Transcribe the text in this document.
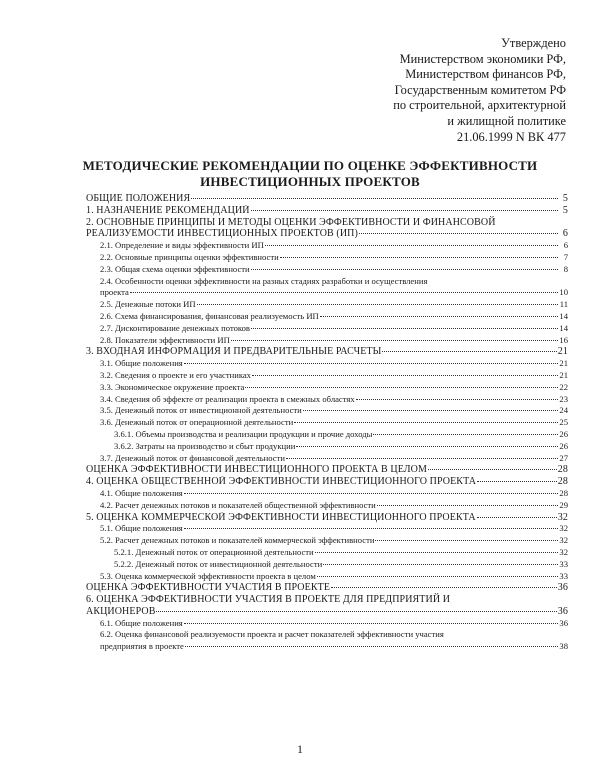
Утверждено
Министерством экономики РФ,
Министерством финансов РФ,
Государственным комитетом РФ
по строительной, архитектурной
и жилищной политике
21.06.1999 N ВК 477
МЕТОДИЧЕСКИЕ РЕКОМЕНДАЦИИ ПО ОЦЕНКЕ ЭФФЕКТИВНОСТИ
ИНВЕСТИЦИОННЫХ ПРОЕКТОВ
ОБЩИЕ ПОЛОЖЕНИЯ	5
1. НАЗНАЧЕНИЕ РЕКОМЕНДАЦИЙ	5
2. ОСНОВНЫЕ ПРИНЦИПЫ И МЕТОДЫ ОЦЕНКИ ЭФФЕКТИВНОСТИ И ФИНАНСОВОЙ
РЕАЛИЗУЕМОСТИ ИНВЕСТИЦИОННЫХ ПРОЕКТОВ (ИП)	6
2.1. Определение и виды эффективности ИП	6
2.2. Основные принципы оценки эффективности	7
2.3. Общая схема оценки эффективности	8
2.4. Особенности оценки эффективности на разных стадиях разработки и осуществления
проекта	10
2.5. Денежные потоки ИП	11
2.6. Схема финансирования, финансовая реализуемость ИП	14
2.7. Дисконтирование денежных потоков	14
2.8. Показатели эффективности ИП	16
3. ВХОДНАЯ ИНФОРМАЦИЯ И ПРЕДВАРИТЕЛЬНЫЕ РАСЧЕТЫ	21
3.1. Общие положения	21
3.2. Сведения о проекте и его участниках	21
3.3. Экономическое окружение проекта	22
3.4. Сведения об эффекте от реализации проекта в смежных областях	23
3.5. Денежный поток от инвестиционной деятельности	24
3.6. Денежный поток от операционной деятельности	25
3.6.1. Объемы производства и реализации продукции и прочие доходы	26
3.6.2. Затраты на производство и сбыт продукции	26
3.7. Денежный поток от финансовой деятельности	27
ОЦЕНКА ЭФФЕКТИВНОСТИ ИНВЕСТИЦИОННОГО ПРОЕКТА В ЦЕЛОМ	28
4. ОЦЕНКА ОБЩЕСТВЕННОЙ ЭФФЕКТИВНОСТИ ИНВЕСТИЦИОННОГО ПРОЕКТА	28
4.1. Общие положения	28
4.2. Расчет денежных потоков и показателей общественной эффективности	29
5. ОЦЕНКА КОММЕРЧЕСКОЙ ЭФФЕКТИВНОСТИ ИНВЕСТИЦИОННОГО ПРОЕКТА	32
5.1. Общие положения	32
5.2. Расчет денежных потоков и показателей коммерческой эффективности	32
5.2.1. Денежный поток от операционной деятельности	32
5.2.2. Денежный поток от инвестиционной деятельности	33
5.3. Оценка коммерческой эффективности проекта в целом	33
ОЦЕНКА ЭФФЕКТИВНОСТИ УЧАСТИЯ В ПРОЕКТЕ	36
6. ОЦЕНКА ЭФФЕКТИВНОСТИ УЧАСТИЯ В ПРОЕКТЕ ДЛЯ ПРЕДПРИЯТИЙ И
АКЦИОНЕРОВ	36
6.1. Общие положения	36
6.2. Оценка финансовой реализуемости проекта и расчет показателей эффективности участия
предприятия в проекте	38
1
